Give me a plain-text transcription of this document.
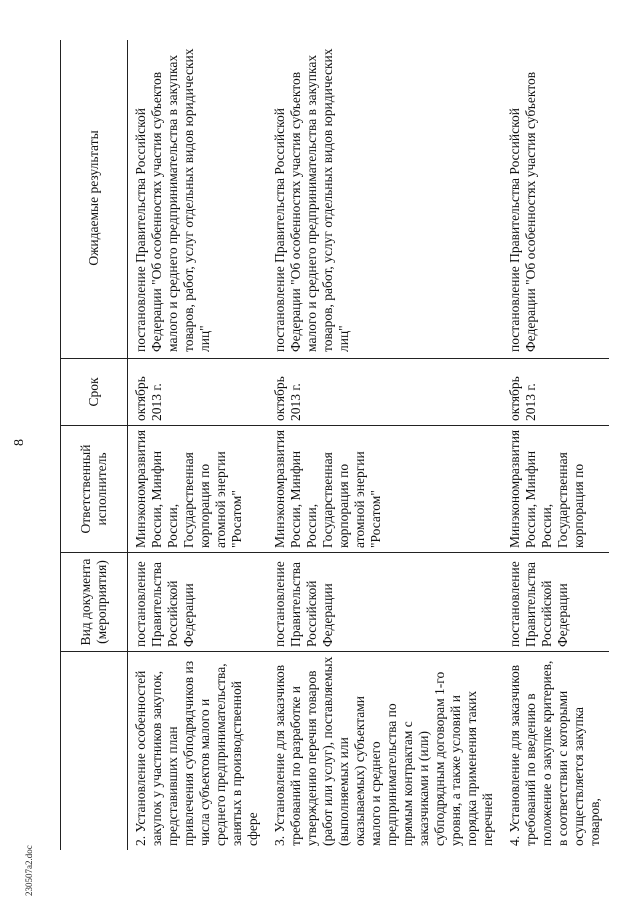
8
230507a2.doc
	Вид документа (мероприятия)	Ответственный исполнитель	Срок	Ожидаемые результаты
2. Установление особенностей закупок у участников закупок, представивших план привлечения субподрядчиков из числа субъектов малого и среднего предпринимательства, занятых в производственной сфере	постановление Правительства Российской Федерации	Минэкономразвития России, Минфин России, Государственная корпорация по атомной энергии "Росатом"	октябрь 2013 г.	постановление Правительства Российской Федерации "Об особенностях участия субъектов малого и среднего предпринимательства в закупках товаров, работ, услуг отдельных видов юридических лиц"
3. Установление для заказчиков требований по разработке и утверждению перечня товаров (работ или услуг), поставляемых (выполняемых или оказываемых) субъектами малого и среднего предпринимательства по прямым контрактам с заказчиками и (или) субподрядным договорам 1-го уровня, а также условий и порядка применения таких перечней	постановление Правительства Российской Федерации	Минэкономразвития России, Минфин России, Государственная корпорация по атомной энергии "Росатом"	октябрь 2013 г.	постановление Правительства Российской Федерации "Об особенностях участия субъектов малого и среднего предпринимательства в закупках товаров, работ, услуг отдельных видов юридических лиц"
4. Установление для заказчиков требований по введению в положение о закупке критериев, в соответствии с которыми осуществляется закупка товаров,	постановление Правительства Российской Федерации	Минэкономразвития России, Минфин России, Государственная корпорация по	октябрь 2013 г.	постановление Правительства Российской Федерации "Об особенностях участия субъектов
